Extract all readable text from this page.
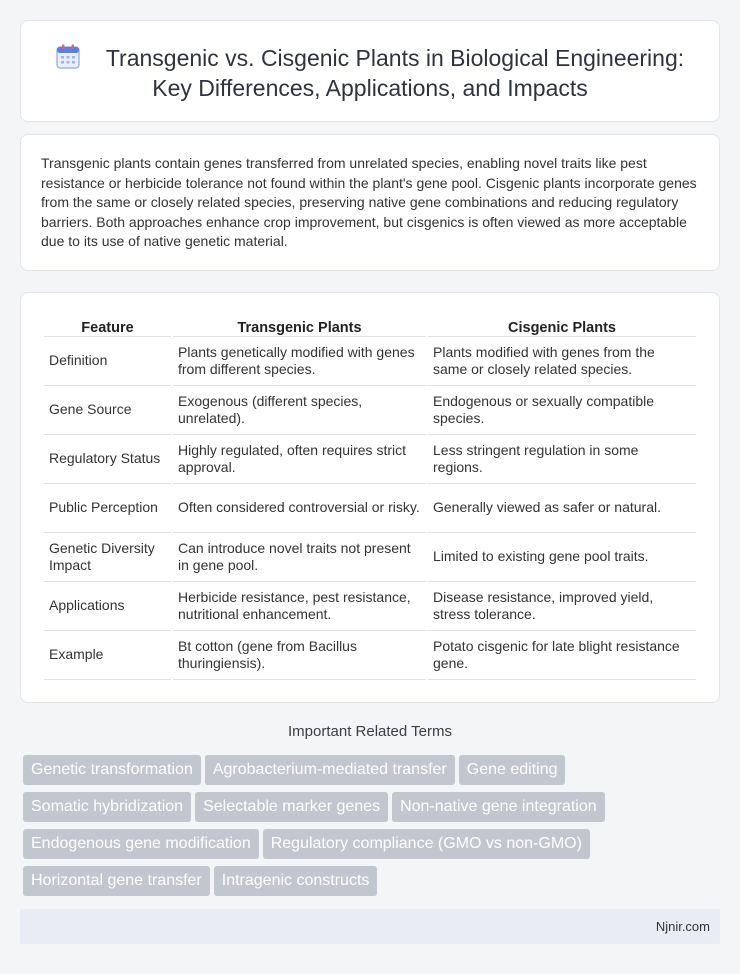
Transgenic vs. Cisgenic Plants in Biological Engineering:
Key Differences, Applications, and Impacts

Transgenic plants contain genes transferred from unrelated species, enabling novel traits like pest resistance or herbicide tolerance not found within the plant's gene pool. Cisgenic plants incorporate genes from the same or closely related species, preserving native gene combinations and reducing regulatory barriers. Both approaches enhance crop improvement, but cisgenics is often viewed as more acceptable due to its use of native genetic material.

Feature	Transgenic Plants	Cisgenic Plants
Definition	Plants genetically modified with genes from different species.	Plants modified with genes from the same or closely related species.
Gene Source	Exogenous (different species, unrelated).	Endogenous or sexually compatible species.
Regulatory Status	Highly regulated, often requires strict approval.	Less stringent regulation in some regions.
Public Perception	Often considered controversial or risky.	Generally viewed as safer or natural.
Genetic Diversity Impact	Can introduce novel traits not present in gene pool.	Limited to existing gene pool traits.
Applications	Herbicide resistance, pest resistance, nutritional enhancement.	Disease resistance, improved yield, stress tolerance.
Example	Bt cotton (gene from Bacillus thuringiensis).	Potato cisgenic for late blight resistance gene.
Important Related Terms
Genetic transformation Agrobacterium-mediated transfer Gene editing
Somatic hybridization Selectable marker genes Non-native gene integration
Endogenous gene modification Regulatory compliance (GMO vs non-GMO)
Horizontal gene transfer Intragenic constructs
Njnir.com
